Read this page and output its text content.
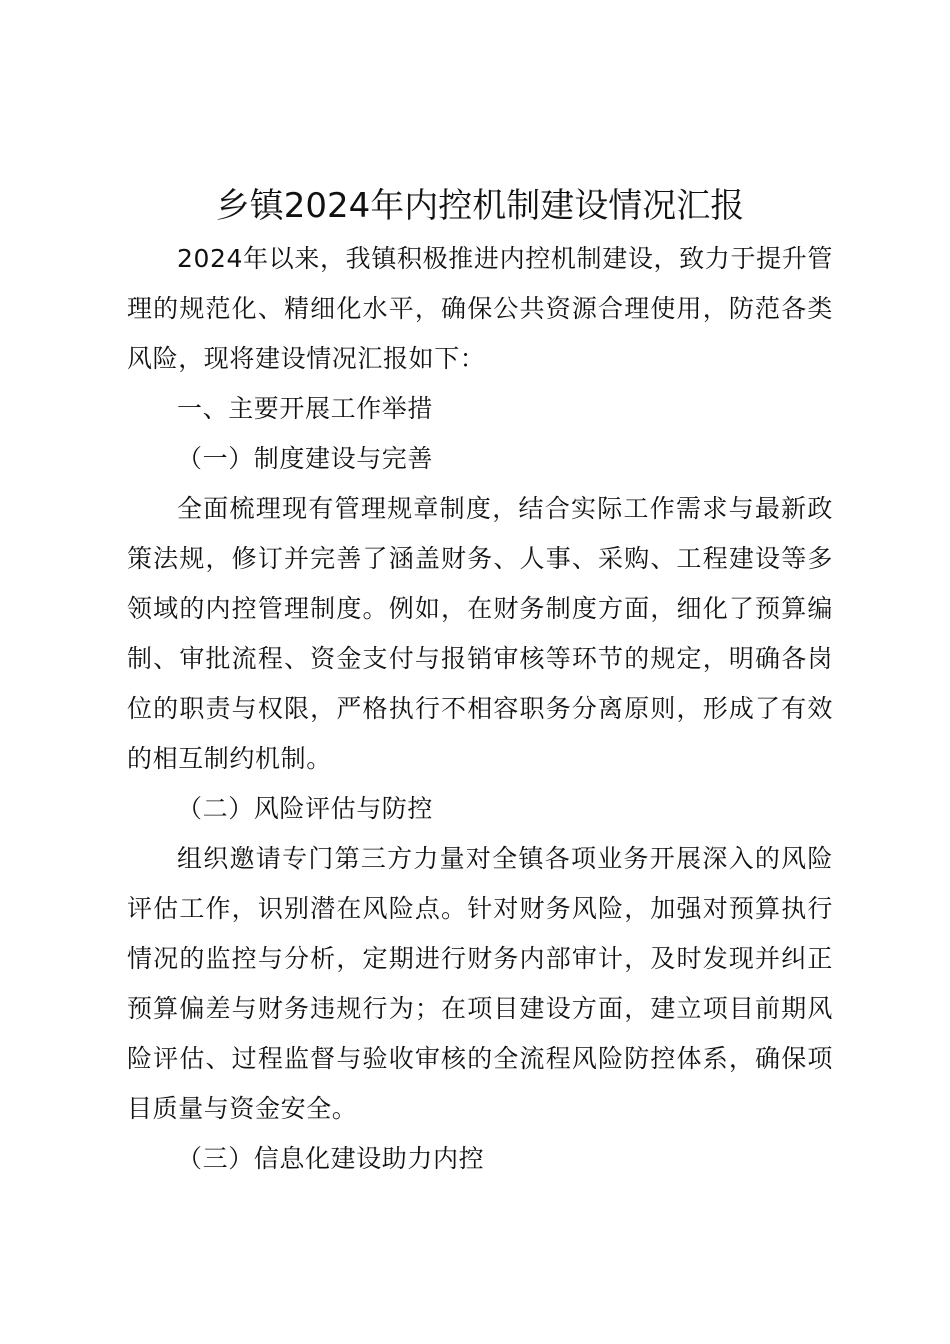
乡镇2024年内控机制建设情况汇报

2024年以来，我镇积极推进内控机制建设，致力于提升管理的规范化、精细化水平，确保公共资源合理使用，防范各类风险，现将建设情况汇报如下：

一、主要开展工作举措

（一）制度建设与完善

全面梳理现有管理规章制度，结合实际工作需求与最新政策法规，修订并完善了涵盖财务、人事、采购、工程建设等多领域的内控管理制度。例如，在财务制度方面，细化了预算编制、审批流程、资金支付与报销审核等环节的规定，明确各岗位的职责与权限，严格执行不相容职务分离原则，形成了有效的相互制约机制。

（二）风险评估与防控

组织邀请专门第三方力量对全镇各项业务开展深入的风险评估工作，识别潜在风险点。针对财务风险，加强对预算执行情况的监控与分析，定期进行财务内部审计，及时发现并纠正预算偏差与财务违规行为；在项目建设方面，建立项目前期风险评估、过程监督与验收审核的全流程风险防控体系，确保项目质量与资金安全。

（三）信息化建设助力内控
